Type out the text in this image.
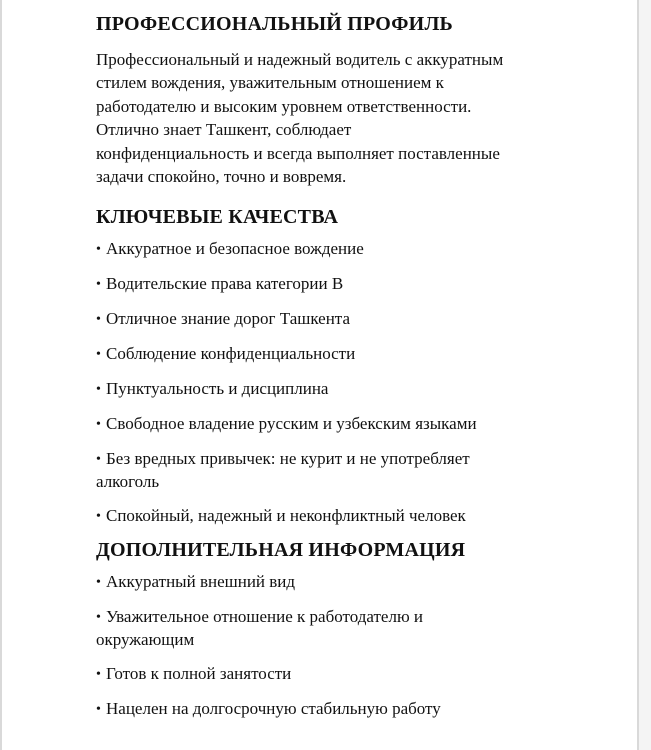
ПРОФЕССИОНАЛЬНЫЙ ПРОФИЛЬ

Профессиональный и надежный водитель с аккуратным
стилем вождения, уважительным отношением к
работодателю и высоким уровнем ответственности.
Отлично знает Ташкент, соблюдает
конфиденциальность и всегда выполняет поставленные
задачи спокойно, точно и вовремя.

КЛЮЧЕВЫЕ КАЧЕСТВА
• Аккуратное и безопасное вождение
• Водительские права категории В
• Отличное знание дорог Ташкента
• Соблюдение конфиденциальности
• Пунктуальность и дисциплина
• Свободное владение русским и узбекским языками
• Без вредных привычек: не курит и не употребляет
алкоголь
• Спокойный, надежный и неконфликтный человек
ДОПОЛНИТЕЛЬНАЯ ИНФОРМАЦИЯ
• Аккуратный внешний вид
• Уважительное отношение к работодателю и
окружающим
• Готов к полной занятости
• Нацелен на долгосрочную стабильную работу
